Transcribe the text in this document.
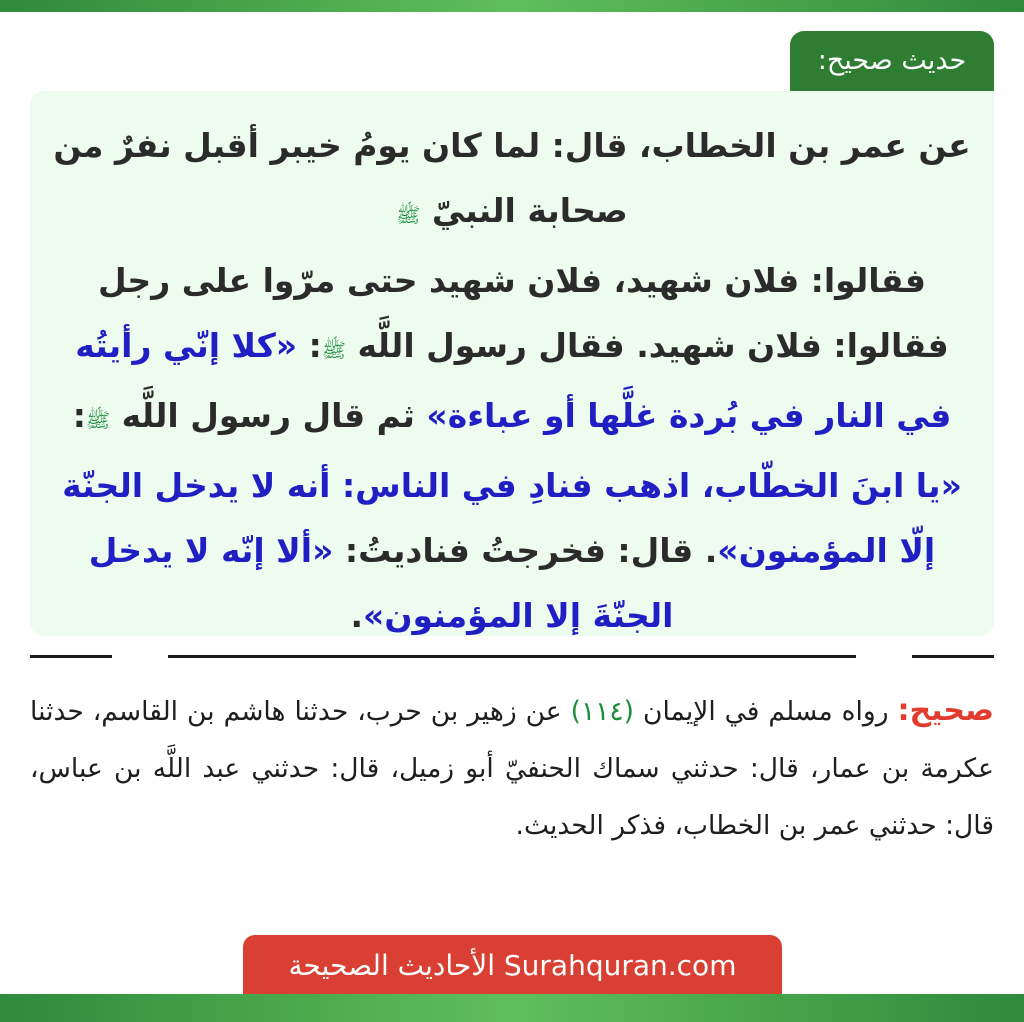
حديث صحيح:
عن عمر بن الخطاب، قال: لما كان يومُ خيبر أقبل نفرٌ من صحابة النبيّ ﷺ
فقالوا: فلان شهيد، فلان شهيد حتى مرّوا على رجل فقالوا: فلان شهيد. فقال رسول اللَّه ﷺ: «كلا إنّي رأيتُه في النار في بُردة غلَّها أو عباءة» ثم قال رسول اللَّه ﷺ: «يا ابنَ الخطّاب، اذهب فنادِ في الناس: أنه لا يدخل الجنّة إلّا المؤمنون». قال: فخرجتُ فناديتُ: «ألا إنّه لا يدخل الجنّةَ إلا المؤمنون».
صحيح: رواه مسلم في الإيمان (١١٤) عن زهير بن حرب، حدثنا هاشم بن القاسم، حدثنا عكرمة بن عمار، قال: حدثني سماك الحنفيّ أبو زميل، قال: حدثني عبد اللَّه بن عباس، قال: حدثني عمر بن الخطاب، فذكر الحديث.
Surahquran.com الأحاديث الصحيحة
